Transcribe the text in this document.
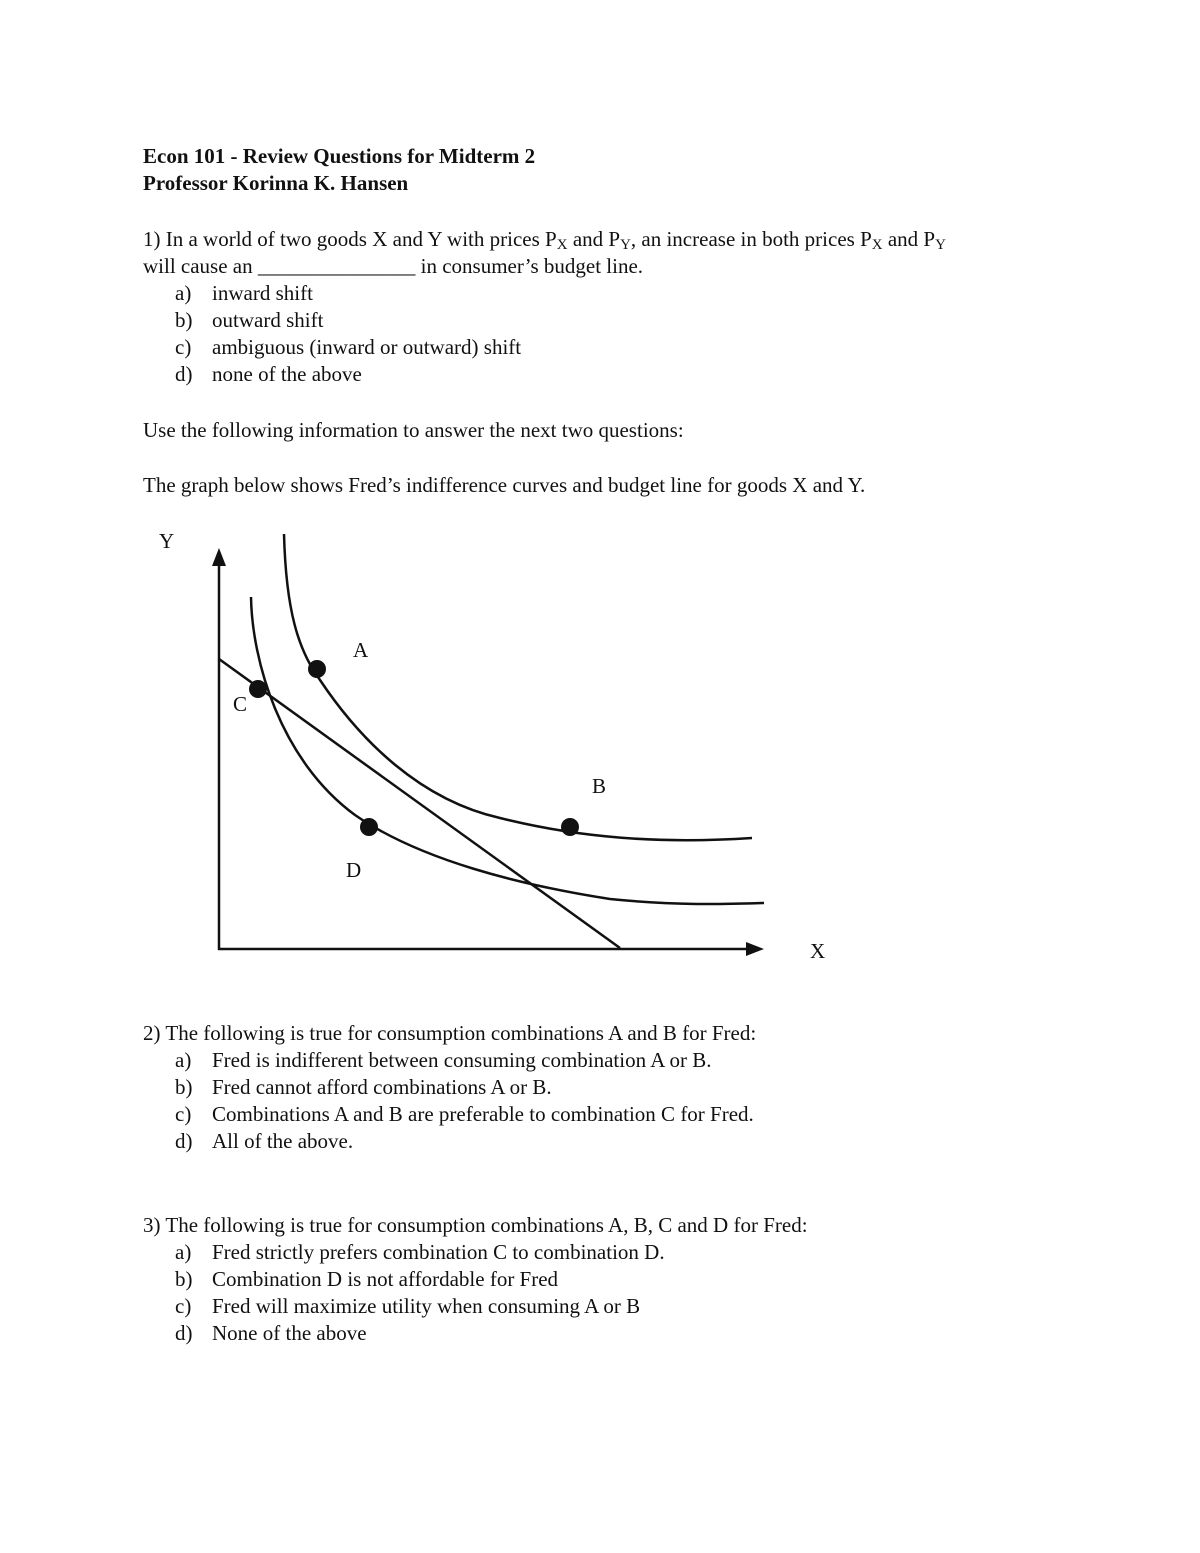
Econ 101 - Review Questions for Midterm 2
Professor Korinna K. Hansen
1) In a world of two goods X and Y with prices $P_X$ and $P_Y$, an increase in both prices $P_X$ and $P_Y$
will cause an _______________ in consumer’s budget line.
a) inward shift
b) outward shift
c) ambiguous (inward or outward) shift
d) none of the above
Use the following information to answer the next two questions:
The graph below shows Fred’s indifference curves and budget line for goods X and Y.
Y
X
A
B
C
D
2) The following is true for consumption combinations A and B for Fred:
a) Fred is indifferent between consuming combination A or B.
b) Fred cannot afford combinations A or B.
c) Combinations A and B are preferable to combination C for Fred.
d) All of the above.
3) The following is true for consumption combinations A, B, C and D for Fred:
a) Fred strictly prefers combination C to combination D.
b) Combination D is not affordable for Fred
c) Fred will maximize utility when consuming A or B
d) None of the above
